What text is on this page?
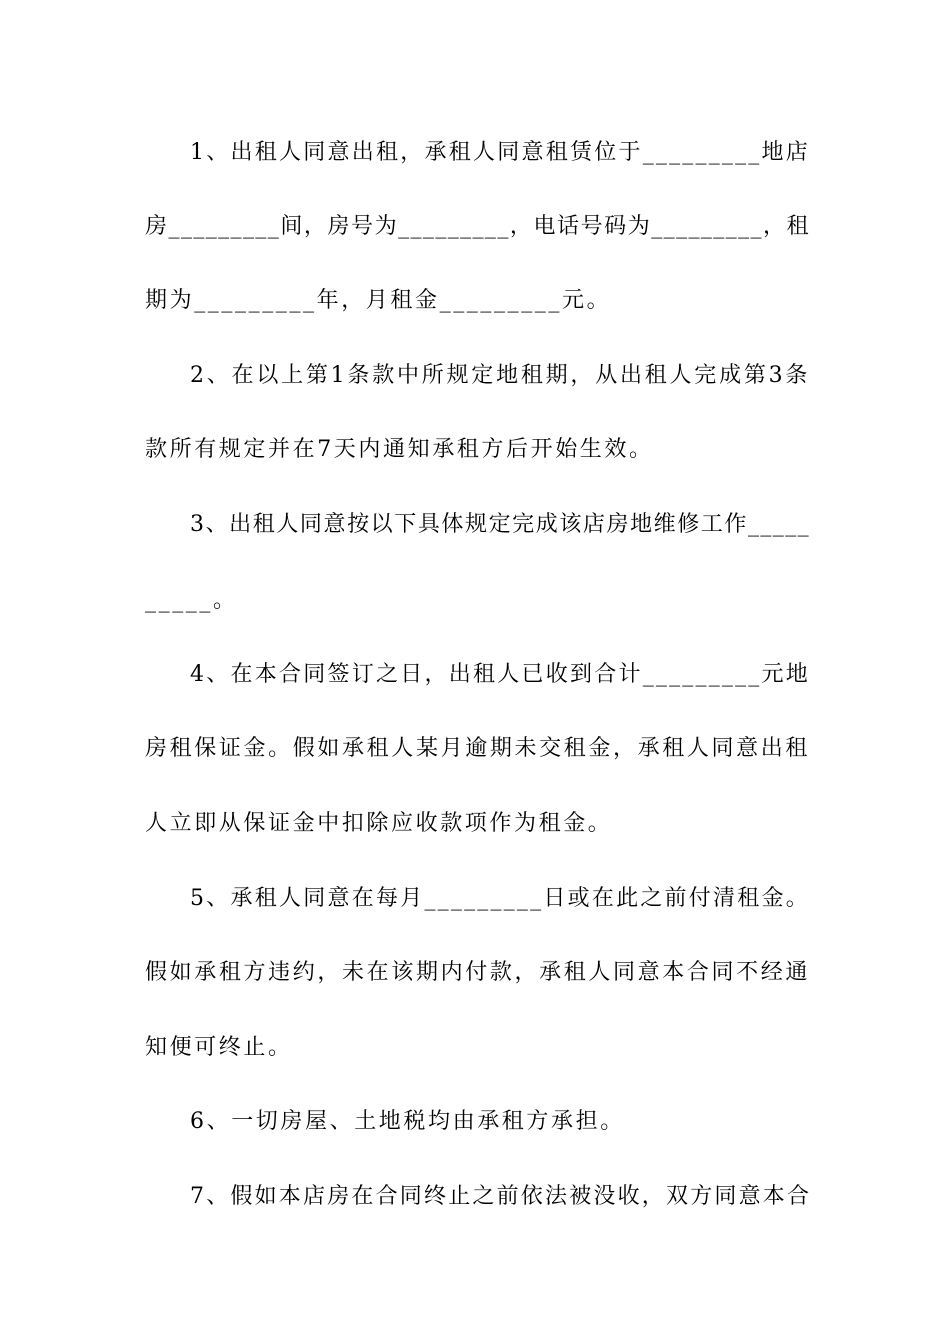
1、出租人同意出租，承租人同意租赁位于_________地店
房_________间，房号为_________，电话号码为_________，租
期为_________年，月租金_________元。
2、在以上第1条款中所规定地租期，从出租人完成第3条
款所有规定并在7天内通知承租方后开始生效。
3、出租人同意按以下具体规定完成该店房地维修工作_____
_____。
4、在本合同签订之日，出租人已收到合计_________元地
房租保证金。假如承租人某月逾期未交租金，承租人同意出租
人立即从保证金中扣除应收款项作为租金。
5、承租人同意在每月_________日或在此之前付清租金。
假如承租方违约，未在该期内付款，承租人同意本合同不经通
知便可终止。
6、一切房屋、土地税均由承租方承担。
7、假如本店房在合同终止之前依法被没收，双方同意本合
